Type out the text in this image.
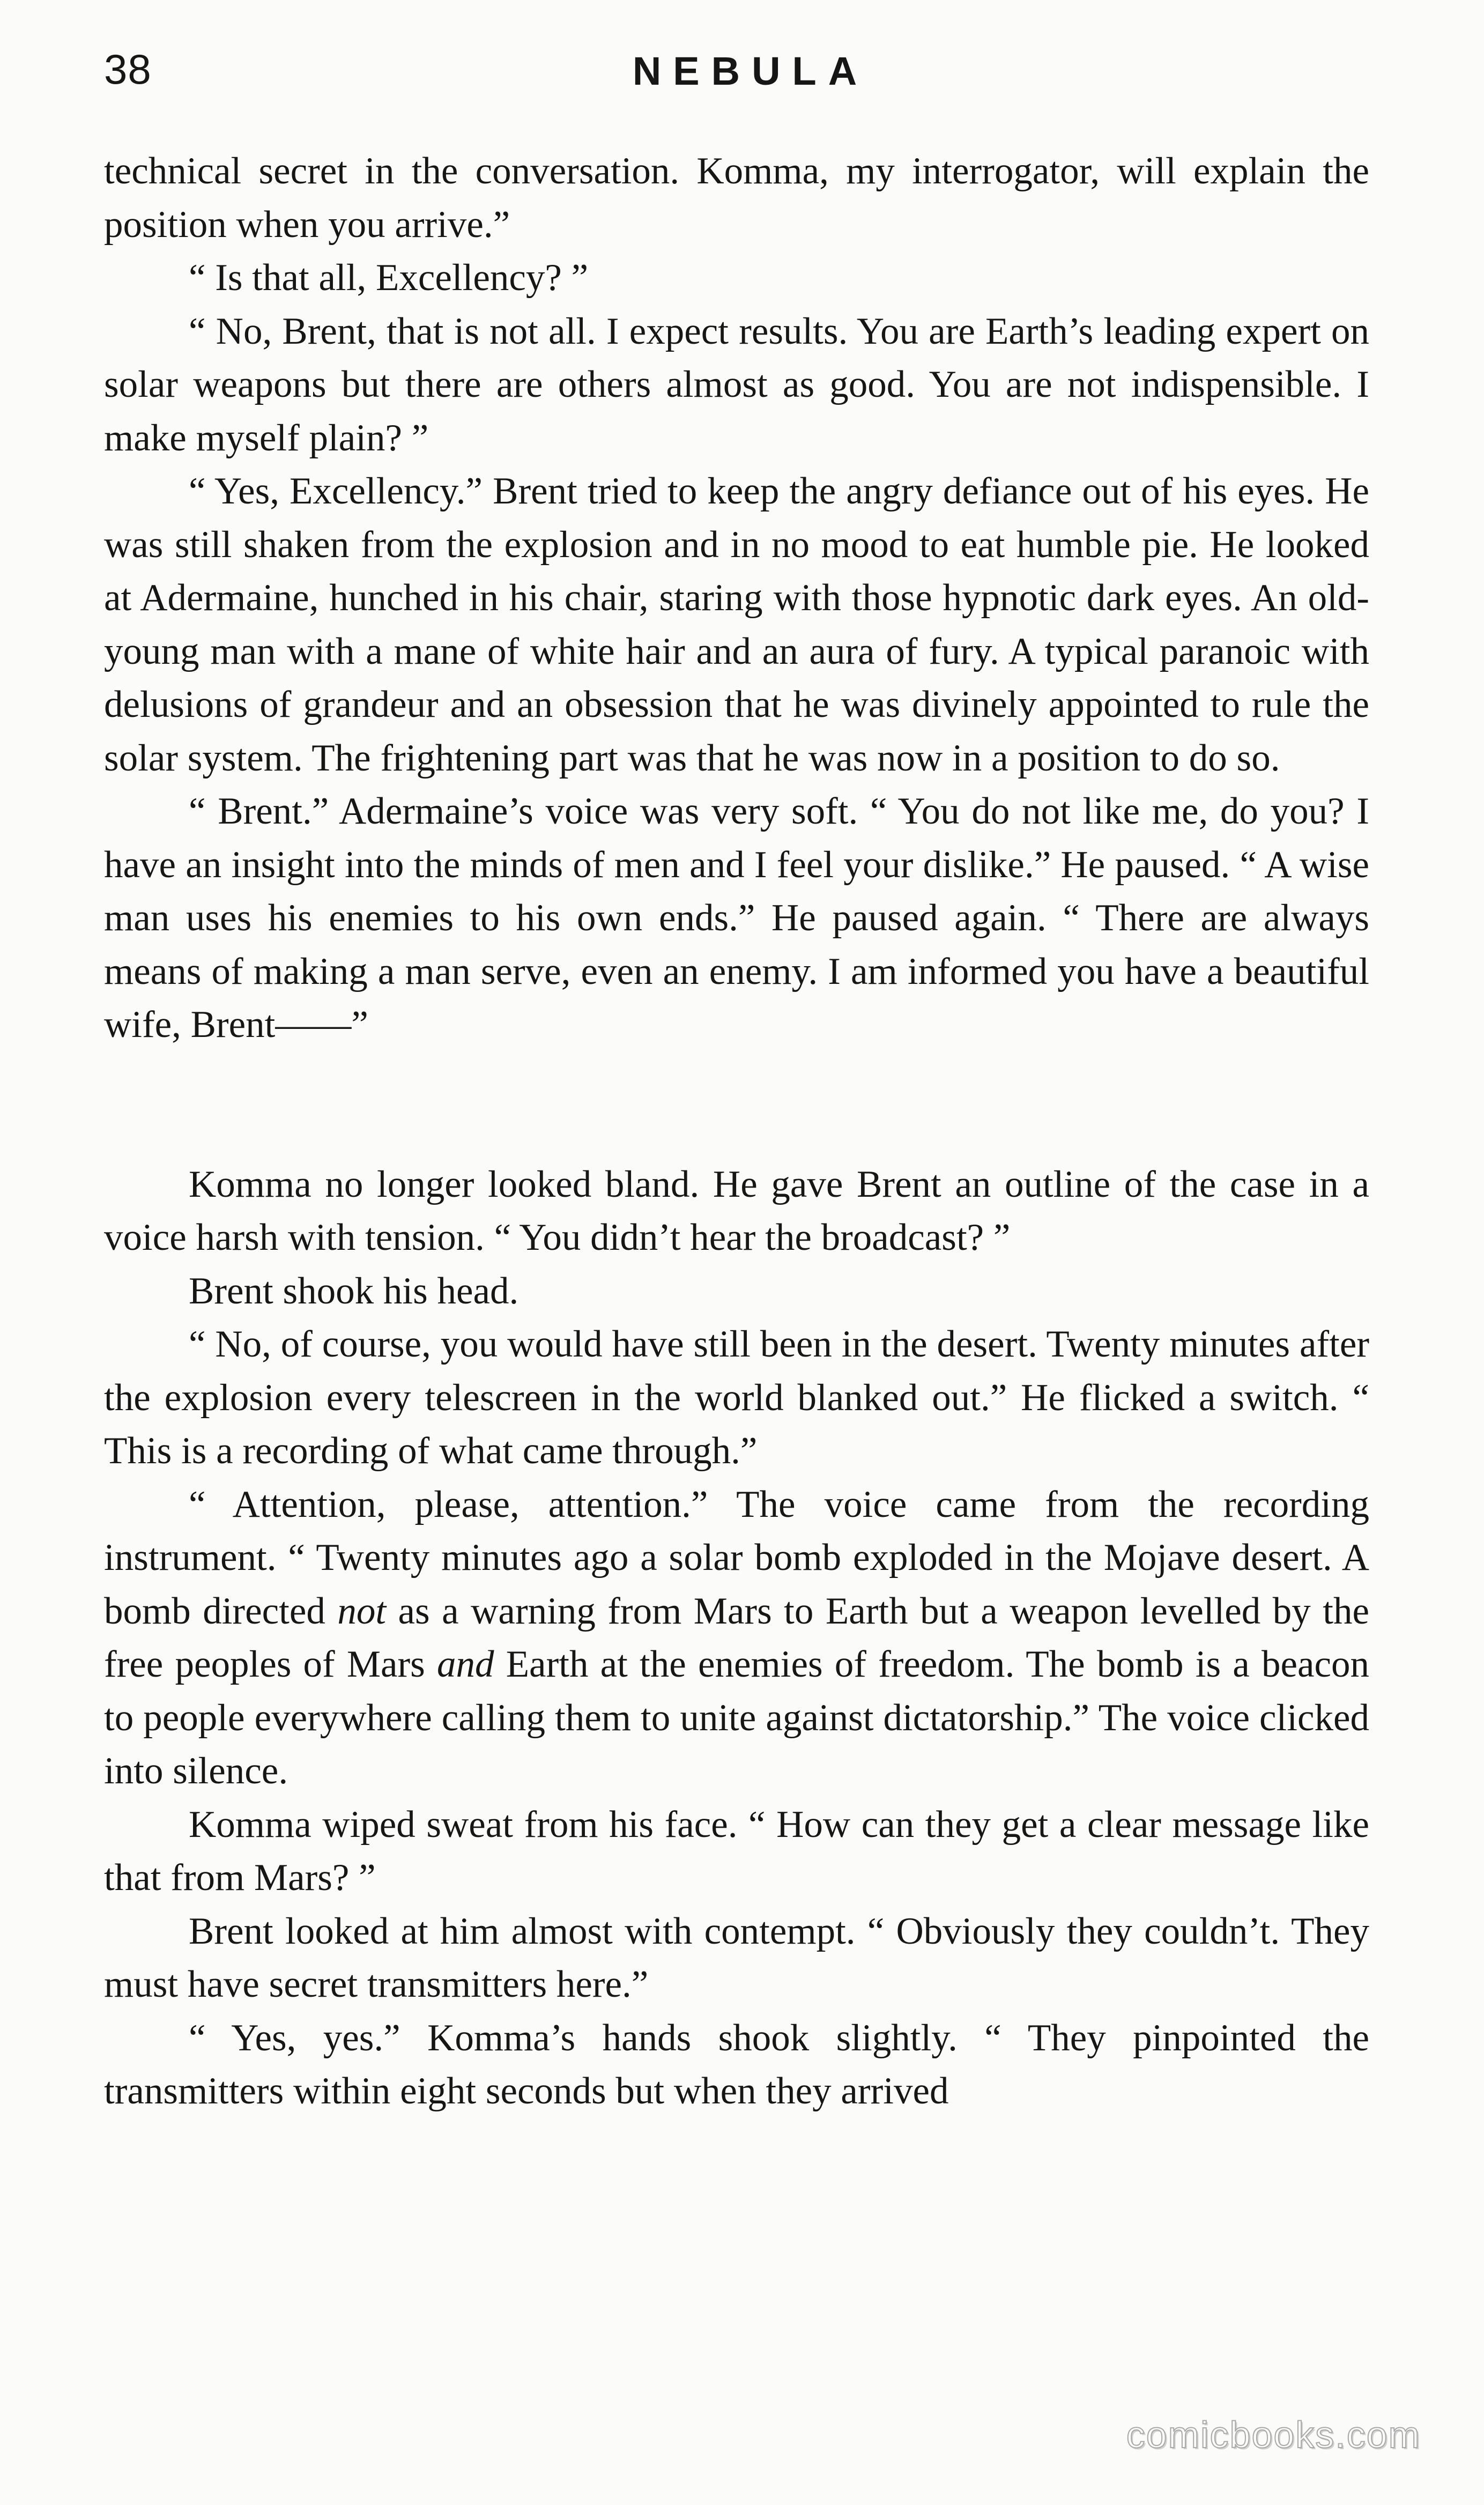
38	NEBULA

technical secret in the conversation. Komma, my interrogator, will explain the position when you arrive.”

“ Is that all, Excellency? ”

“ No, Brent, that is not all. I expect results. You are Earth’s leading expert on solar weapons but there are others almost as good. You are not indispensible. I make myself plain? ”

“ Yes, Excellency.” Brent tried to keep the angry defiance out of his eyes. He was still shaken from the explosion and in no mood to eat humble pie. He looked at Adermaine, hunched in his chair, staring with those hypnotic dark eyes. An old-young man with a mane of white hair and an aura of fury. A typical paranoic with delusions of grandeur and an obsession that he was divinely appointed to rule the solar system. The frightening part was that he was now in a position to do so.

“ Brent.” Adermaine’s voice was very soft. “ You do not like me, do you? I have an insight into the minds of men and I feel your dislike.” He paused. “ A wise man uses his enemies to his own ends.” He paused again. “ There are always means of making a man serve, even an enemy. I am informed you have a beautiful wife, Brent——”

Komma no longer looked bland. He gave Brent an outline of the case in a voice harsh with tension. “ You didn’t hear the broadcast? ”

Brent shook his head.

“ No, of course, you would have still been in the desert. Twenty minutes after the explosion every telescreen in the world blanked out.” He flicked a switch. “ This is a recording of what came through.”

“ Attention, please, attention.” The voice came from the recording instrument. “ Twenty minutes ago a solar bomb exploded in the Mojave desert. A bomb directed not as a warning from Mars to Earth but a weapon levelled by the free peoples of Mars and Earth at the enemies of freedom. The bomb is a beacon to people everywhere calling them to unite against dictatorship.” The voice clicked into silence.

Komma wiped sweat from his face. “ How can they get a clear message like that from Mars? ”

Brent looked at him almost with contempt. “ Obviously they couldn’t. They must have secret transmitters here.”

“ Yes, yes.” Komma’s hands shook slightly. “ They pinpointed the transmitters within eight seconds but when they arrived

comicbooks.com
